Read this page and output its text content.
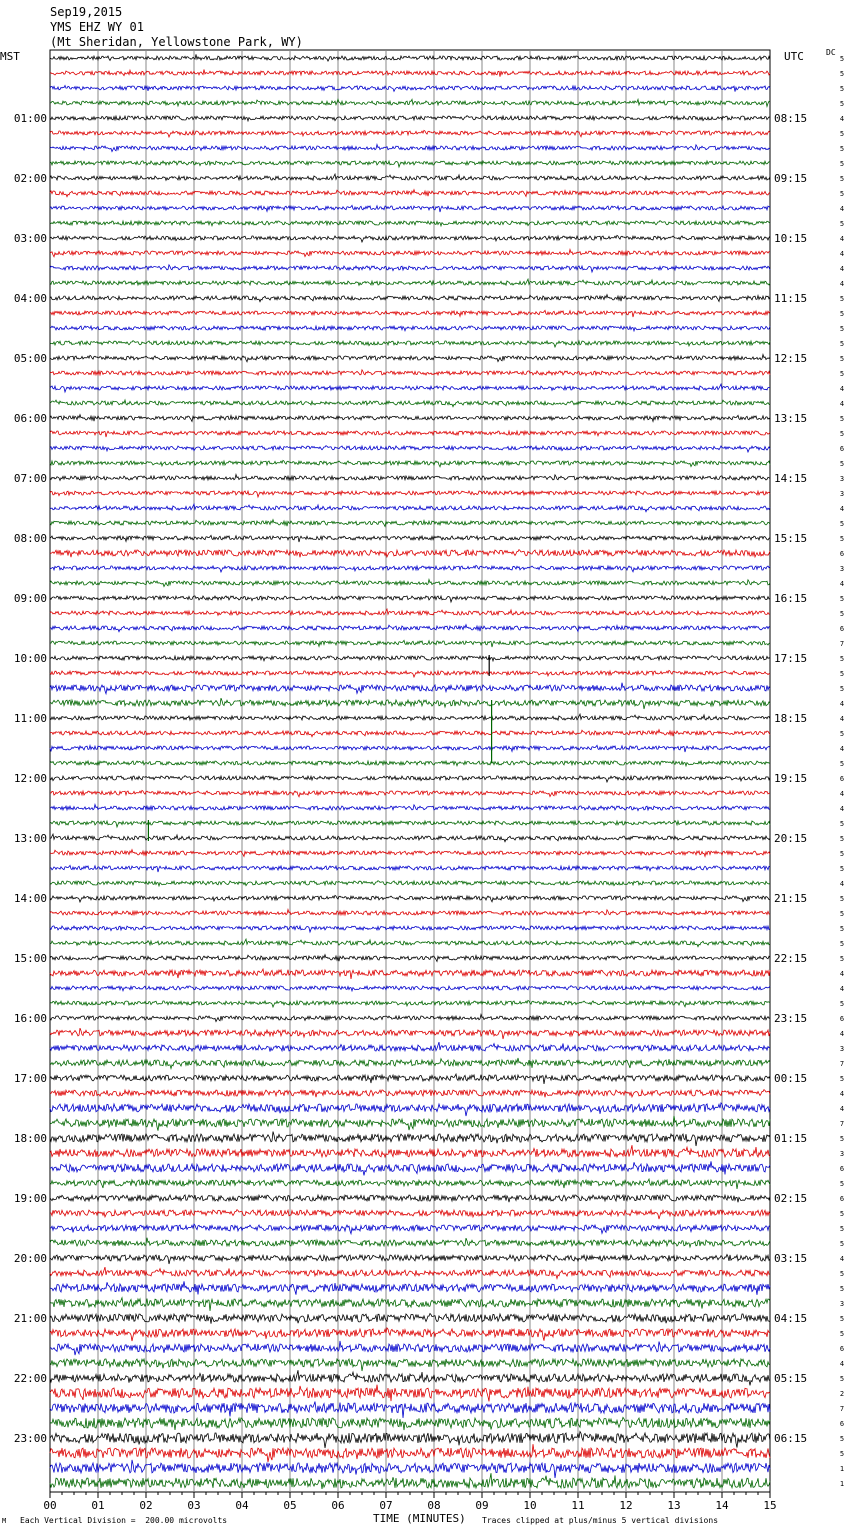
5
5
5
5
4
5
5
5
5
5
4
5
4
4
4
4
5
5
5
5
5
5
4
4
5
5
6
5
3
3
4
5
5
6
3
4
5
5
6
7
5
5
5
4
4
5
4
5
6
4
4
5
5
5
5
4
5
5
5
5
5
4
4
5
6
4
3
7
5
4
4
7
5
3
6
5
6
5
5
5
4
5
5
3
5
5
6
4
5
2
7
6
5
5
1
1
01:00
02:00
03:00
04:00
05:00
06:00
07:00
08:00
09:00
10:00
11:00
12:00
13:00
14:00
15:00
16:00
17:00
18:00
19:00
20:00
21:00
22:00
23:00
08:15
09:15
10:15
11:15
12:15
13:15
14:15
15:15
16:15
17:15
18:15
19:15
20:15
21:15
22:15
23:15
00:15
01:15
02:15
03:15
04:15
05:15
06:15
00	01	02	03	04	05	06	07	08	09	10	11	12	13	14	15
Sep19,2015
YMS EHZ WY 01
(Mt Sheridan, Yellowstone Park, WY)
MST	UTC	DC
TIME (MINUTES)
M Each Vertical Division =  200.00 microvolts	Traces clipped at plus/minus 5 vertical divisions
